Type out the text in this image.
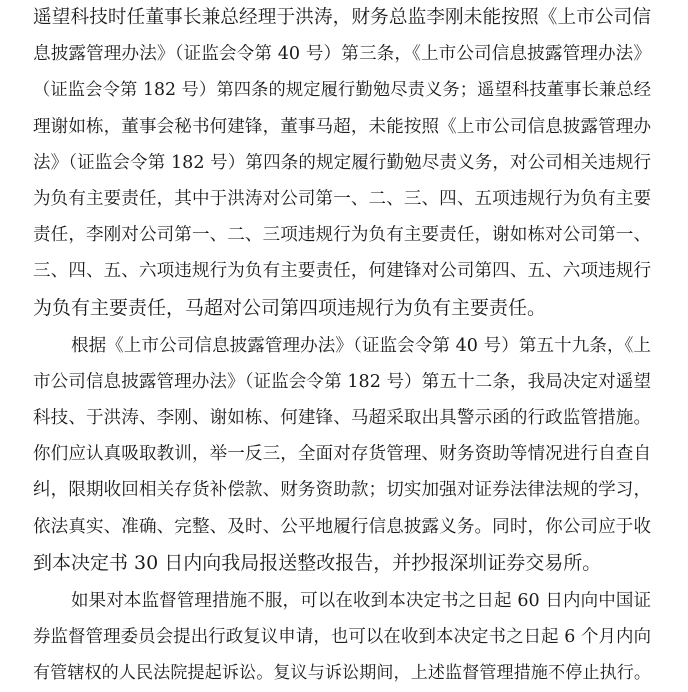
遥望科技时任董事长兼总经理于洪涛，财务总监李刚未能按照《上市公司信
息披露管理办法》（证监会令第 40 号）第三条，《上市公司信息披露管理办法》
（证监会令第 182 号）第四条的规定履行勤勉尽责义务；遥望科技董事长兼总经
理谢如栋，董事会秘书何建锋，董事马超，未能按照《上市公司信息披露管理办
法》（证监会令第 182 号）第四条的规定履行勤勉尽责义务，对公司相关违规行
为负有主要责任，其中于洪涛对公司第一、二、三、四、五项违规行为负有主要
责任，李刚对公司第一、二、三项违规行为负有主要责任，谢如栋对公司第一、
三、四、五、六项违规行为负有主要责任，何建锋对公司第四、五、六项违规行
为负有主要责任，马超对公司第四项违规行为负有主要责任。
根据《上市公司信息披露管理办法》（证监会令第 40 号）第五十九条，《上
市公司信息披露管理办法》（证监会令第 182 号）第五十二条，我局决定对遥望
科技、于洪涛、李刚、谢如栋、何建锋、马超采取出具警示函的行政监管措施。
你们应认真吸取教训，举一反三，全面对存货管理、财务资助等情况进行自查自
纠，限期收回相关存货补偿款、财务资助款；切实加强对证券法律法规的学习，
依法真实、准确、完整、及时、公平地履行信息披露义务。同时，你公司应于收
到本决定书 30 日内向我局报送整改报告，并抄报深圳证券交易所。
如果对本监督管理措施不服，可以在收到本决定书之日起 60 日内向中国证
券监督管理委员会提出行政复议申请，也可以在收到本决定书之日起 6 个月内向
有管辖权的人民法院提起诉讼。复议与诉讼期间，上述监督管理措施不停止执行。
